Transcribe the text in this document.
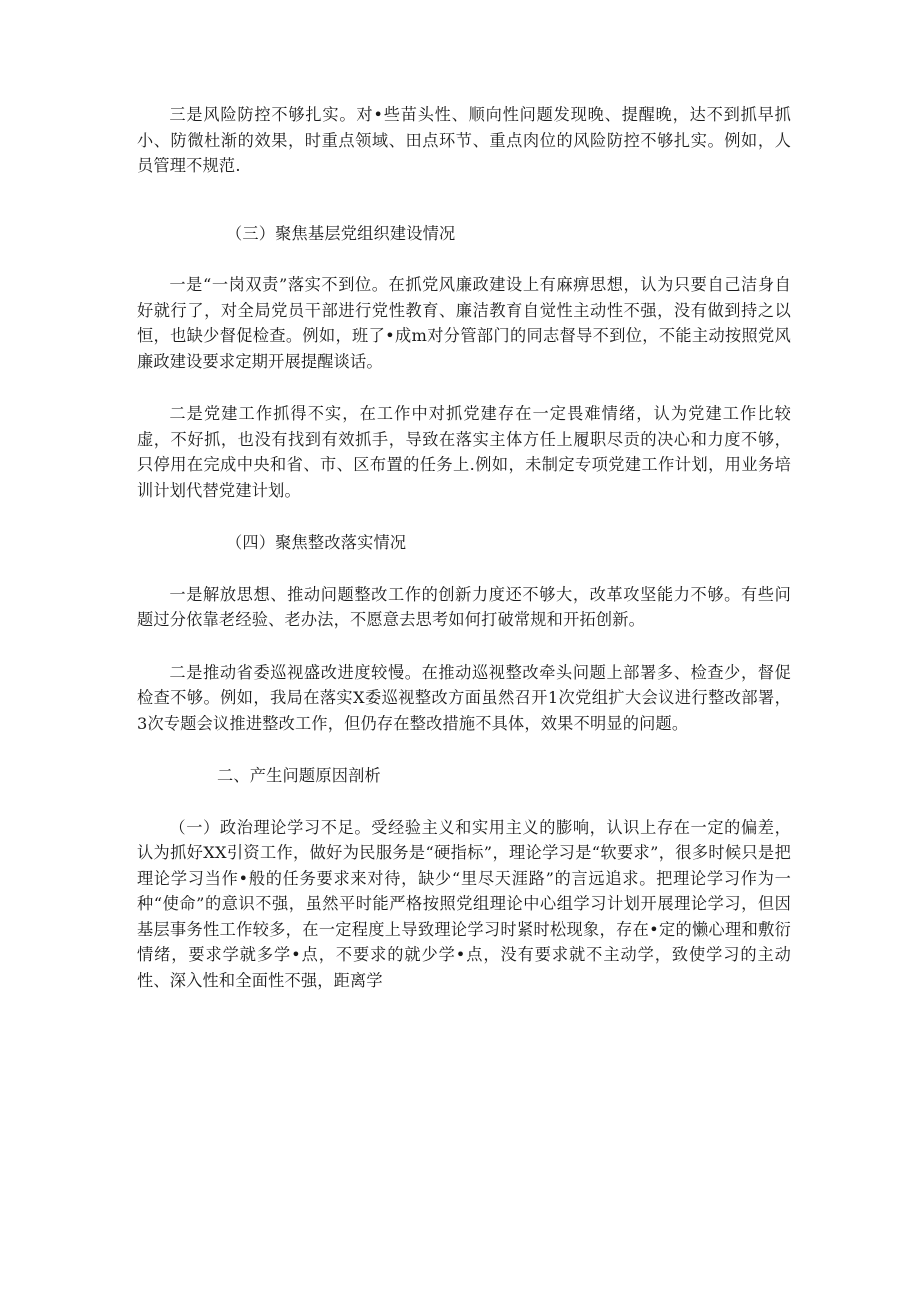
三是风险防控不够扎实。对•些苗头性、顺向性问题发现晚、提醒晚，达不到抓早抓小、防微杜渐的效果，时重点领域、田点环节、重点肉位的风险防控不够扎实。例如，人员管理不规范.

（三）聚焦基层党组织建设情况

一是“一岗双责”落实不到位。在抓党风廉政建设上有麻痹思想，认为只要自己洁身自好就行了，对全局党员干部进行党性教育、廉洁教育自觉性主动性不强，没有做到持之以恒，也缺少督促检查。例如，班了•成m对分管部门的同志督导不到位，不能主动按照党风廉政建设要求定期开展提醒谈话。

二是党建工作抓得不实，在工作中对抓党建存在一定畏难情绪，认为党建工作比较虚，不好抓，也没有找到有效抓手，导致在落实主体方任上履职尽贡的决心和力度不够，只停用在完成中央和省、市、区布置的任务上.例如，未制定专项党建工作计划，用业务培训计划代替党建计划。

（四）聚焦整改落实情况

一是解放思想、推动问题整改工作的创新力度还不够大，改革攻坚能力不够。有些问题过分依靠老经验、老办法，不愿意去思考如何打破常规和开拓创新。

二是推动省委巡视盛改进度较慢。在推动巡视整改牵头问题上部署多、检查少，督促检查不够。例如，我局在落实X委巡视整改方面虽然召开1次党组扩大会议进行整改部署，3次专题会议推进整改工作，但仍存在整改措施不具体，效果不明显的问题。

二、产生问题原因剖析

（一）政治理论学习不足。受经验主义和实用主义的膨响，认识上存在一定的偏差，认为抓好XX引资工作，做好为民服务是“硬指标”，理论学习是“软要求”，很多时候只是把理论学习当作•般的任务要求来对待，缺少“里尽天涯路”的言远追求。把理论学习作为一种“使命”的意识不强，虽然平时能严格按照党组理论中心组学习计划开展理论学习，但因基层事务性工作较多，在一定程度上导致理论学习时紧时松现象，存在•定的懒心理和敷衍情绪，要求学就多学•点，不要求的就少学•点，没有要求就不主动学，致使学习的主动性、深入性和全面性不强，距离学
